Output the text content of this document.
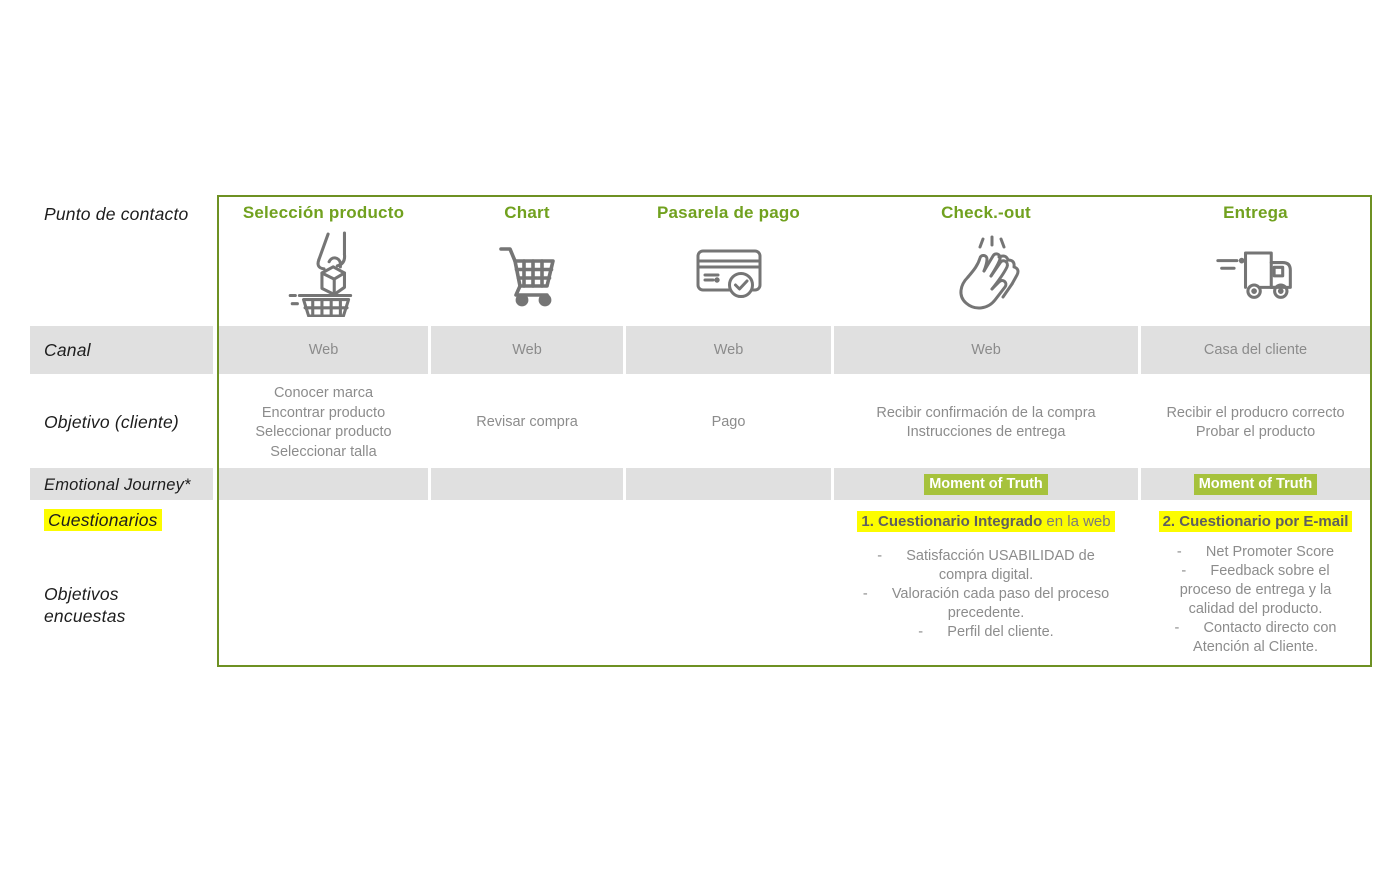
Punto de contacto
Canal
Objetivo (cliente)
Emotional Journey*
Cuestionarios
Objetivos
encuestas
Selección producto
Web
Conocer marca
Encontrar producto
Seleccionar producto
Seleccionar talla
Chart
Web
Revisar compra
Pasarela de pago
Web
Pago
Check.-out
Web
Recibir confirmación de la compra
Instrucciones de entrega
Moment of Truth
1. Cuestionario Integrado en la web
-      Satisfacción USABILIDAD de
compra digital.
-      Valoración cada paso del proceso
precedente.
-      Perfil del cliente.
Entrega
Casa del cliente
Recibir el producro correcto
Probar el producto
Moment of Truth
2. Cuestionario por E-mail
-      Net Promoter Score
-      Feedback sobre el
proceso de entrega y la
calidad del producto.
-      Contacto directo con
Atención al Cliente.
